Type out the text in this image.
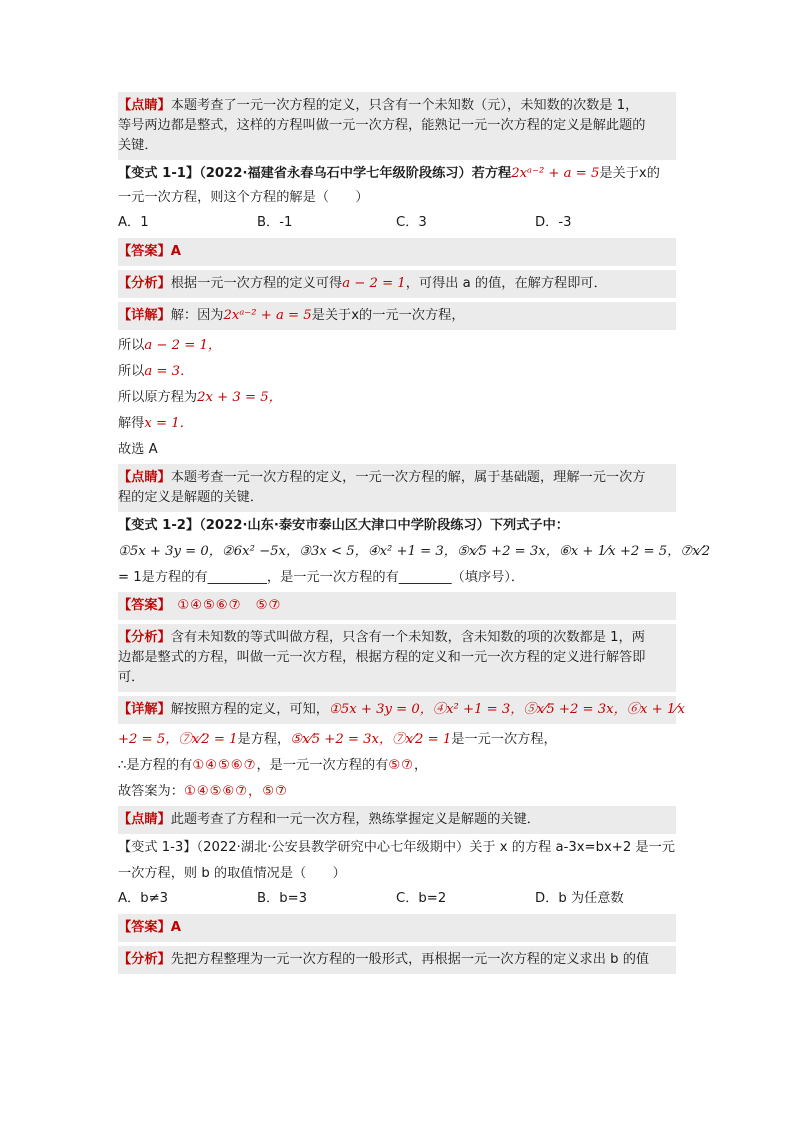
【点睛】本题考查了一元一次方程的定义，只含有一个未知数（元），未知数的次数是 1，
等号两边都是整式，这样的方程叫做一元一次方程，能熟记一元一次方程的定义是解此题的
关键．
【变式 1-1】（2022·福建省永春乌石中学七年级阶段练习）若方程2xᵃ⁻² + a = 5是关于x的
一元一次方程，则这个方程的解是（　　）
A．1	B．-1	C．3	D．-3
【答案】A
【分析】根据一元一次方程的定义可得a − 2 = 1，可得出 a 的值，在解方程即可．
【详解】解：因为2xᵃ⁻² + a = 5是关于x的一元一次方程，
所以a − 2 = 1，
所以a = 3．
所以原方程为2x + 3 = 5，
解得x = 1．
故选 A
【点睛】本题考查一元一次方程的定义，一元一次方程的解，属于基础题，理解一元一次方
程的定义是解题的关键．
【变式 1-2】（2022·山东·泰安市泰山区大津口中学阶段练习）下列式子中：
①5x + 3y = 0，②6x² −5x，③3x < 5，④x² +1 = 3，⑤x⁄5 +2 = 3x，⑥x + 1⁄x +2 = 5，⑦x⁄2
= 1是方程的有_________，是一元一次方程的有________（填序号）．
【答案】　 ①④⑤⑥⑦　⑤⑦
【分析】含有未知数的等式叫做方程，只含有一个未知数，含未知数的项的次数都是 1，两
边都是整式的方程，叫做一元一次方程，根据方程的定义和一元一次方程的定义进行解答即
可．
【详解】解按照方程的定义，可知，①5x + 3y = 0，④x² +1 = 3，⑤x⁄5 +2 = 3x，⑥x + 1⁄x
+2 = 5，⑦x⁄2 = 1是方程，⑤x⁄5 +2 = 3x，⑦x⁄2 = 1是一元一次方程，
∴是方程的有①④⑤⑥⑦，是一元一次方程的有⑤⑦，
故答案为：①④⑤⑥⑦，⑤⑦
【点睛】此题考查了方程和一元一次方程，熟练掌握定义是解题的关键．
【变式 1-3】（2022·湖北·公安县教学研究中心七年级期中）关于 x 的方程 a-3x=bx+2 是一元
一次方程，则 b 的取值情况是（　　）
A．b≠3	B．b=3	C．b=2	D．b 为任意数
【答案】A
【分析】先把方程整理为一元一次方程的一般形式，再根据一元一次方程的定义求出 b 的值
